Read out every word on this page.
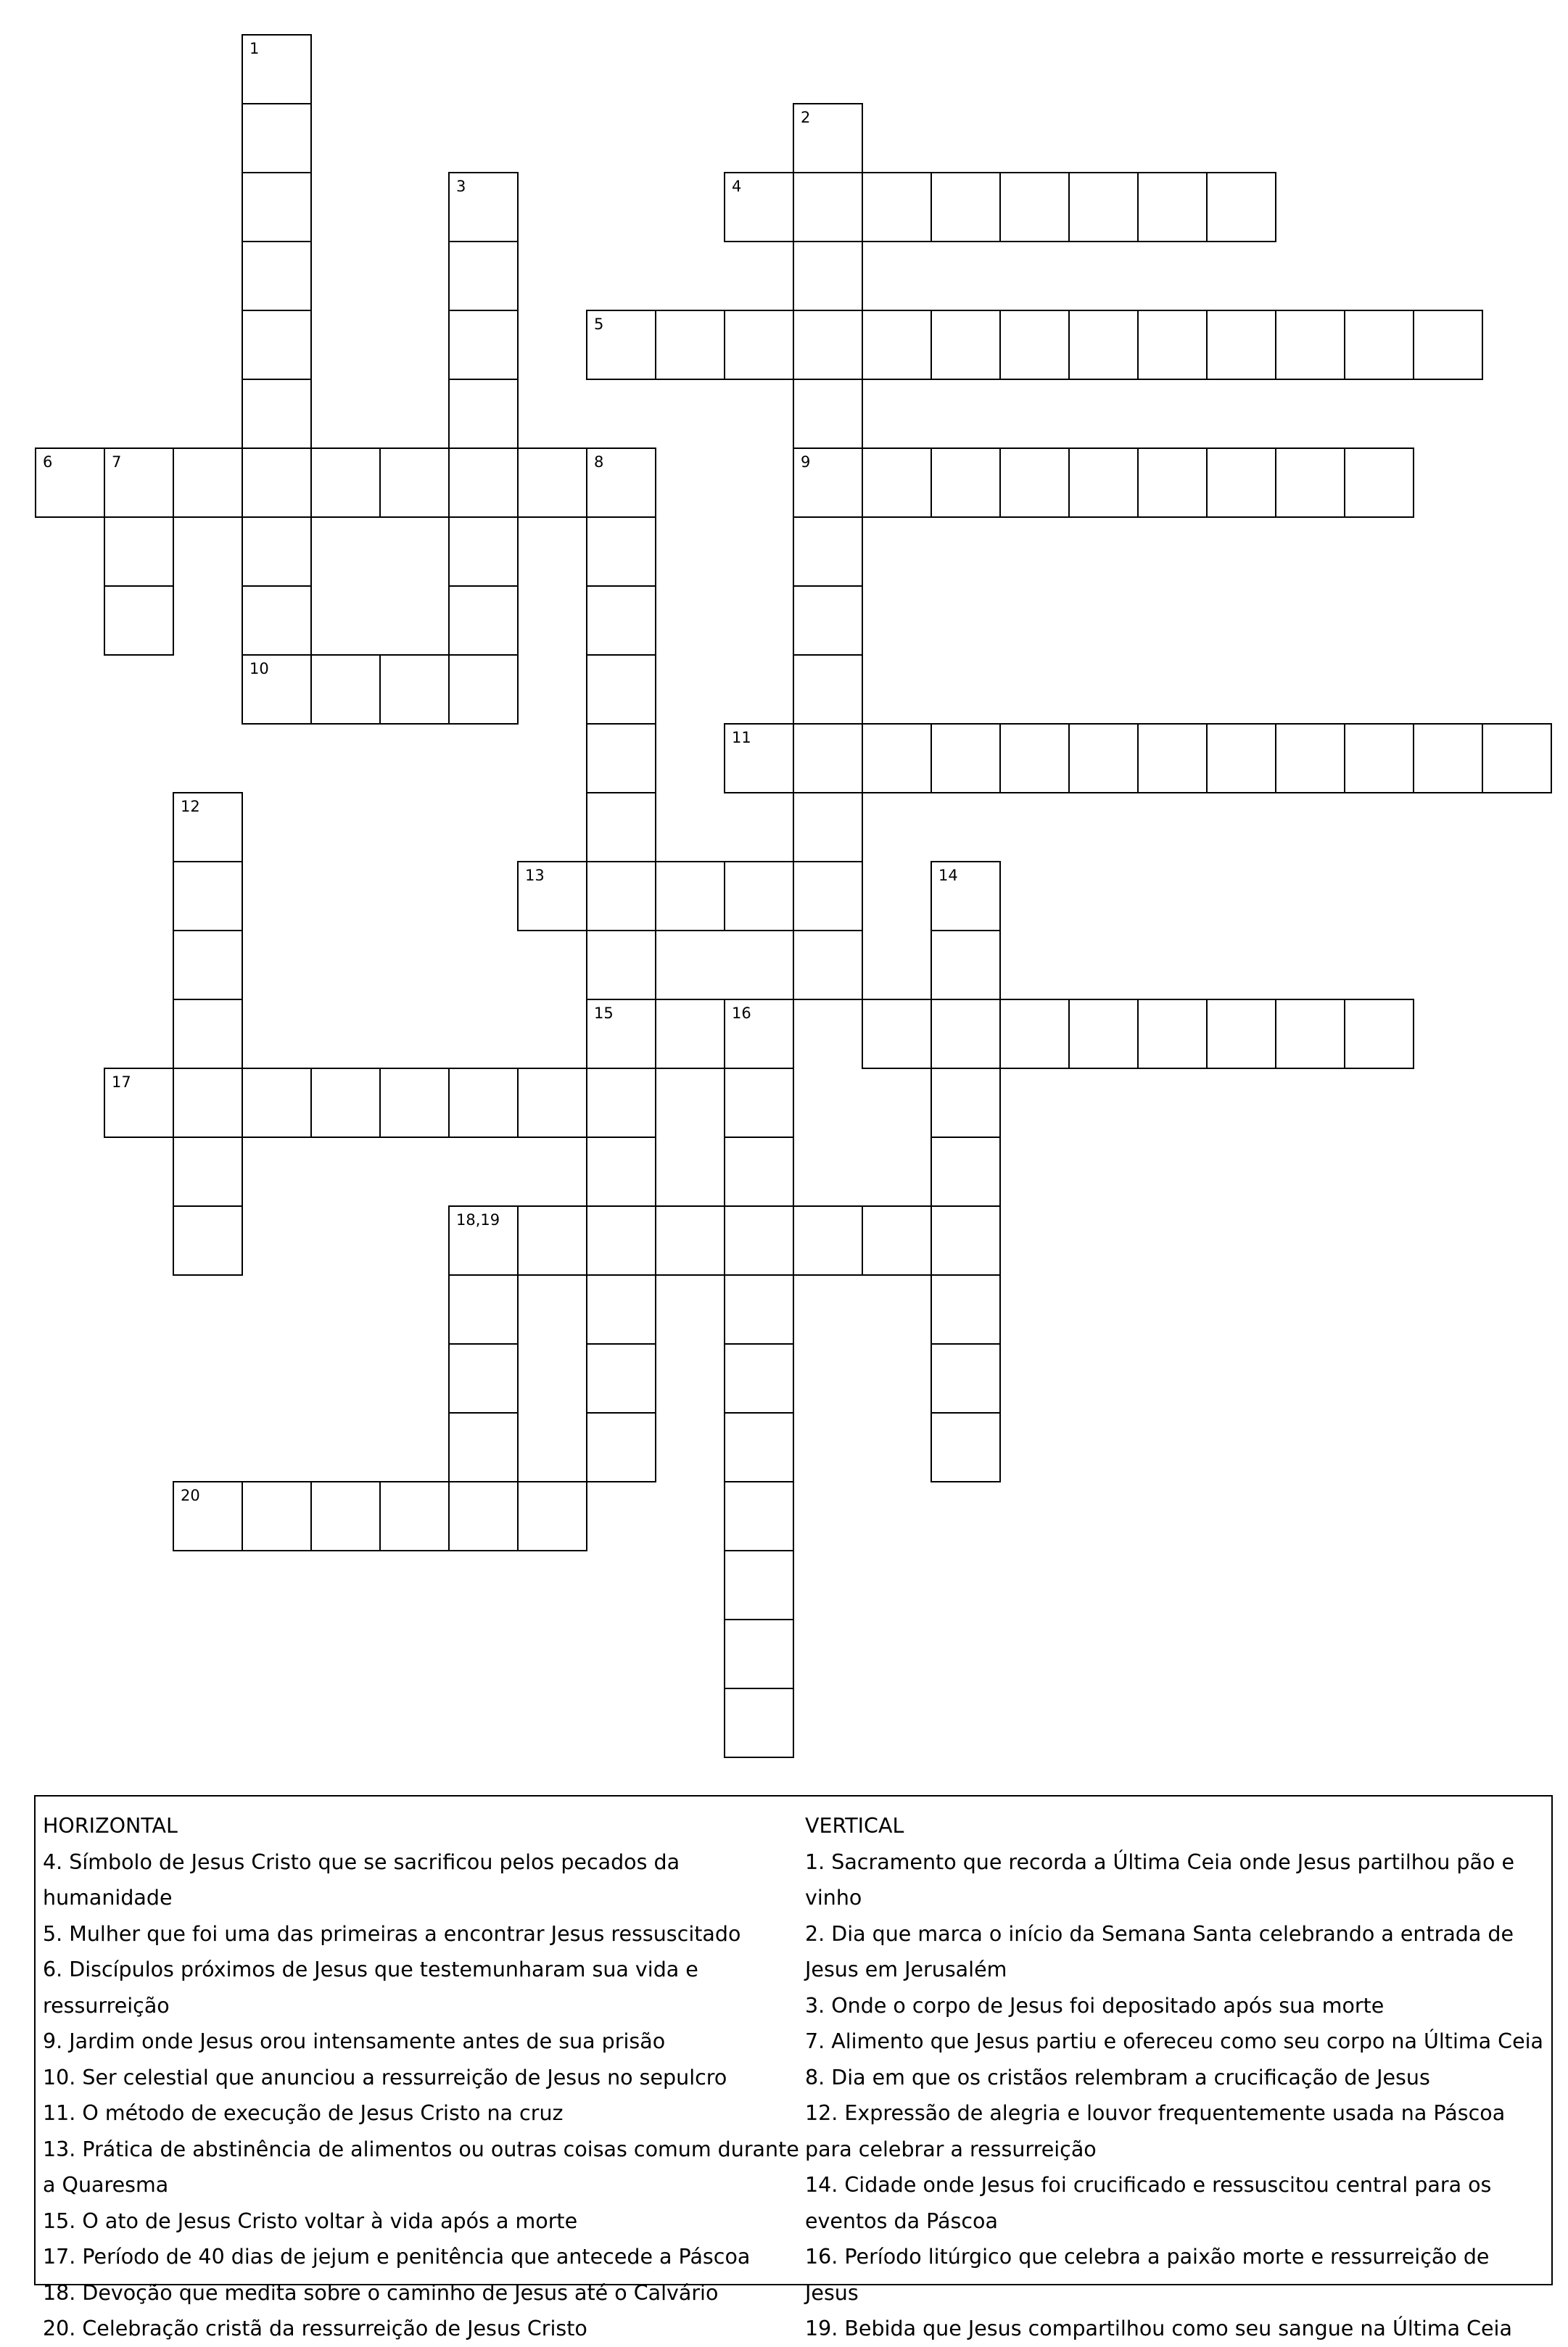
1
2
3	4
5
6	7	8	9
10
15
11
12
13	14
16
17
18,19
20
HORIZONTAL
4. Símbolo de Jesus Cristo que se sacrificou pelos pecados da humanidade
5. Mulher que foi uma das primeiras a encontrar Jesus ressuscitado
6. Discípulos próximos de Jesus que testemunharam sua vida e ressurreição
9. Jardim onde Jesus orou intensamente antes de sua prisão
10. Ser celestial que anunciou a ressurreição de Jesus no sepulcro
11. O método de execução de Jesus Cristo na cruz
13. Prática de abstinência de alimentos ou outras coisas comum durante a Quaresma
15. O ato de Jesus Cristo voltar à vida após a morte
17. Período de 40 dias de jejum e penitência que antecede a Páscoa
18. Devoção que medita sobre o caminho de Jesus até o Calvário
20. Celebração cristã da ressurreição de Jesus Cristo
VERTICAL
1. Sacramento que recorda a Última Ceia onde Jesus partilhou pão e vinho
2. Dia que marca o início da Semana Santa celebrando a entrada de Jesus em Jerusalém
3. Onde o corpo de Jesus foi depositado após sua morte
7. Alimento que Jesus partiu e ofereceu como seu corpo na Última Ceia
8. Dia em que os cristãos relembram a crucificação de Jesus
12. Expressão de alegria e louvor frequentemente usada na Páscoa para celebrar a ressurreição
14. Cidade onde Jesus foi crucificado e ressuscitou central para os eventos da Páscoa
16. Período litúrgico que celebra a paixão morte e ressurreição de Jesus
19. Bebida que Jesus compartilhou como seu sangue na Última Ceia
